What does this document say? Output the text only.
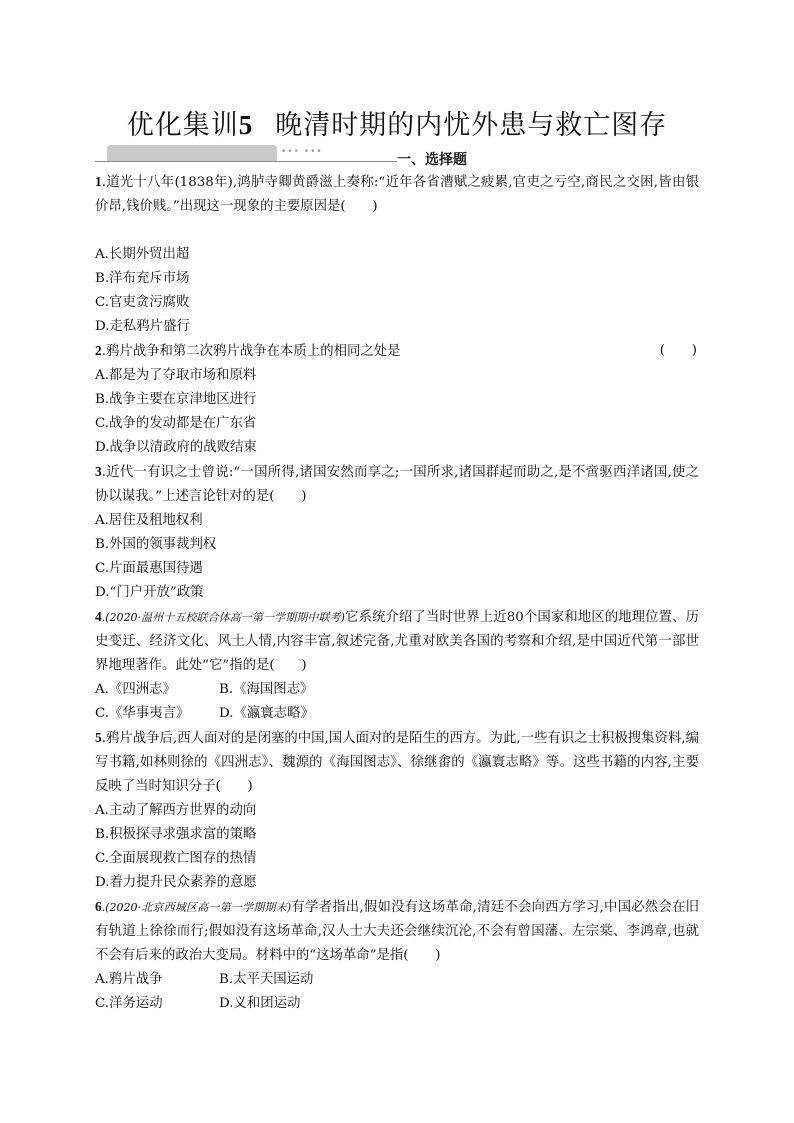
优化集训5 晚清时期的内忧外患与救亡图存
••• •••	一、选择题
1.道光十八年(1838年),鸿胪寺卿黄爵滋上奏称:“近年各省漕赋之疲累,官吏之亏空,商民之交困,皆由银价昂,钱价贱。”出现这一现象的主要原因是(　　)
A.长期外贸出超
B.洋布充斥市场
C.官吏贪污腐败
D.走私鸦片盛行
2.鸦片战争和第二次鸦片战争在本质上的相同之处是	(　　)
A.都是为了夺取市场和原料
B.战争主要在京津地区进行
C.战争的发动都是在广东省
D.战争以清政府的战败结束
3.近代一有识之士曾说:“一国所得,诸国安然而享之;一国所求,诸国群起而助之,是不啻驱西洋诸国,使之协以谋我。”上述言论针对的是(　　)
A.居住及租地权利
B.外国的领事裁判权
C.片面最惠国待遇
D.“门户开放”政策
4.(2020·温州十五校联合体高一第一学期期中联考)它系统介绍了当时世界上近80个国家和地区的地理位置、历史变迁、经济文化、风土人情,内容丰富,叙述完备,尤重对欧美各国的考察和介绍,是中国近代第一部世界地理著作。此处“它”指的是(　　)
A.《四洲志》	B.《海国图志》
C.《华事夷言》	D.《瀛寰志略》
5.鸦片战争后,西人面对的是闭塞的中国,国人面对的是陌生的西方。为此,一些有识之士积极搜集资料,编写书籍,如林则徐的《四洲志》、魏源的《海国图志》、徐继畬的《瀛寰志略》等。这些书籍的内容,主要反映了当时知识分子(　　)
A.主动了解西方世界的动向
B.积极探寻求强求富的策略
C.全面展现救亡图存的热情
D.着力提升民众素养的意愿
6.(2020·北京西城区高一第一学期期末)有学者指出,假如没有这场革命,清廷不会向西方学习,中国必然会在旧有轨道上徐徐而行;假如没有这场革命,汉人士大夫还会继续沉沦,不会有曾国藩、左宗棠、李鸿章,也就不会有后来的政治大变局。材料中的“这场革命”是指(　　)
A.鸦片战争	B.太平天国运动
C.洋务运动	D.义和团运动
